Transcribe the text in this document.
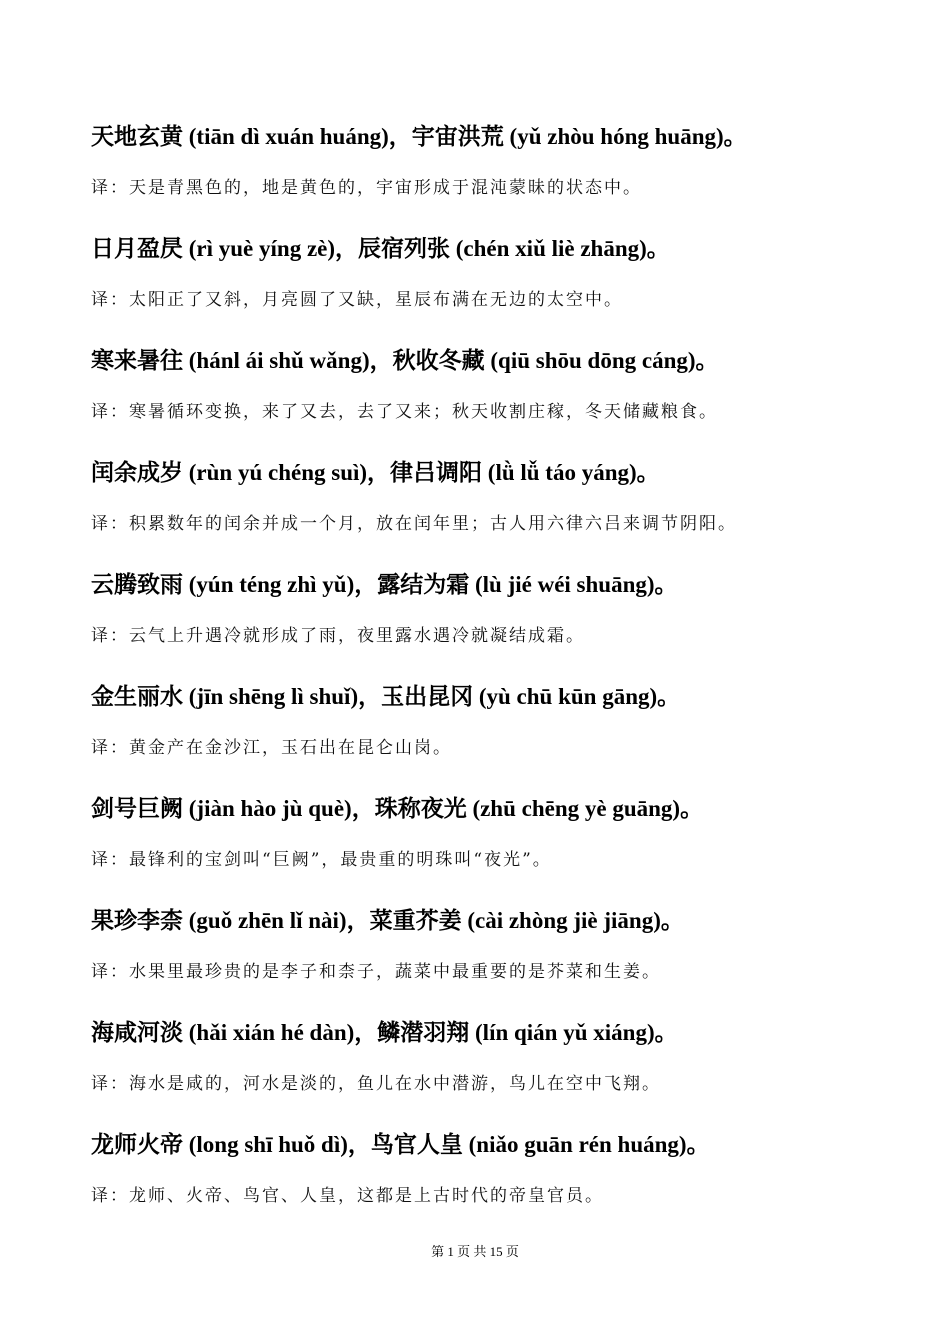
天地玄黄 (tiān dì xuán huáng)，宇宙洪荒 (yǔ zhòu hóng huāng)。
译：天是青黑色的，地是黄色的，宇宙形成于混沌蒙昧的状态中。
日月盈昃 (rì yuè yíng zè)，辰宿列张 (chén xiǔ liè zhāng)。
译：太阳正了又斜，月亮圆了又缺，星辰布满在无边的太空中。
寒来暑往 (hánl ái shǔ wǎng)，秋收冬藏 (qiū shōu dōng cáng)。
译：寒暑循环变换，来了又去，去了又来；秋天收割庄稼，冬天储藏粮食。
闰余成岁 (rùn yú chéng suì)，律吕调阳 (lǜ lǚ táo yáng)。
译：积累数年的闰余并成一个月，放在闰年里；古人用六律六吕来调节阴阳。
云腾致雨 (yún téng zhì yǔ)，露结为霜 (lù jié wéi shuāng)。
译：云气上升遇冷就形成了雨，夜里露水遇冷就凝结成霜。
金生丽水 (jīn shēng lì shuǐ)，玉出昆冈 (yù chū kūn gāng)。
译：黄金产在金沙江，玉石出在昆仑山岗。
剑号巨阙 (jiàn hào jù què)，珠称夜光 (zhū chēng yè guāng)。
译：最锋利的宝剑叫“巨阙”，最贵重的明珠叫“夜光”。
果珍李柰 (guǒ zhēn lǐ nài)，菜重芥姜 (cài zhòng jiè jiāng)。
译：水果里最珍贵的是李子和柰子，蔬菜中最重要的是芥菜和生姜。
海咸河淡 (hǎi xián hé dàn)，鳞潜羽翔 (lín qián yǔ xiáng)。
译：海水是咸的，河水是淡的，鱼儿在水中潜游，鸟儿在空中飞翔。
龙师火帝 (long shī huǒ dì)，鸟官人皇 (niǎo guān rén huáng)。
译：龙师、火帝、鸟官、人皇，这都是上古时代的帝皇官员。
第 1 页 共 15 页
